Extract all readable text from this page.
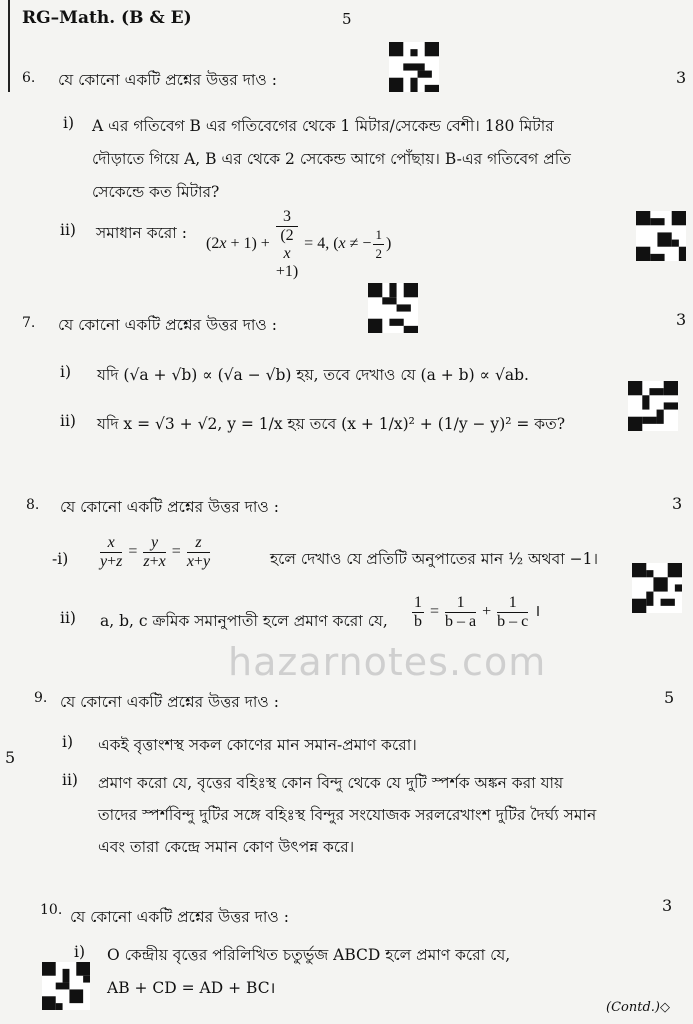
RG–Math. (B & E)	5
hazarnotes.com
6. যে কোনো একটি প্রশ্নের উত্তর দাও :	3
i) A এর গতিবেগ B এর গতিবেগের থেকে 1 মিটার/সেকেন্ড বেশী। 180 মিটার
দৌড়াতে গিয়ে A, B এর থেকে 2 সেকেন্ড আগে পোঁছায়। B-এর গতিবেগ প্রতি
সেকেন্ডে কত মিটার?
ii) সমাধান করো :
(2x + 1) + 3
(2
x
+1) = 4, (x ≠ − $\frac{1}{2}$ )
7. যে কোনো একটি প্রশ্নের উত্তর দাও :	3
i) যদি (√a + √b) ∝ (√a − √b) হয়, তবে দেখাও যে (a + b) ∝ √ab.
ii) যদি x = √3 + √2, y = 1/x হয় তবে (x + 1/x)² + (1/y − y)² = কত?
8. যে কোনো একটি প্রশ্নের উত্তর দাও :	3
$-i) \frac{x}{y+z} = \frac{y}{z+x} = \frac{z}{x+y}$	হলে দেখাও যে প্রতিটি অনুপাতের মান ½ অথবা −1।
ii) a, b, c ক্রমিক সমানুপাতী হলে প্রমাণ করো যে, $\frac{1}{b} = \frac{1}{b - a} + \frac{1}{b - c}$ ।
9. যে কোনো একটি প্রশ্নের উত্তর দাও :	5
5
i) একই বৃত্তাংশস্থ সকল কোণের মান সমান-প্রমাণ করো।
ii) প্রমাণ করো যে, বৃত্তের বহিঃস্থ কোন বিন্দু থেকে যে দুটি স্পর্শক অঙ্কন করা যায়
তাদের স্পর্শবিন্দু দুটির সঙ্গে বহিঃস্থ বিন্দুর সংযোজক সরলরেখাংশ দুটির দৈর্ঘ্য সমান
এবং তারা কেন্দ্রে সমান কোণ উৎপন্ন করে।
10. যে কোনো একটি প্রশ্নের উত্তর দাও :
3
i) O কেন্দ্রীয় বৃত্তের পরিলিখিত চতুর্ভুজ ABCD হলে প্রমাণ করো যে,
AB + CD = AD + BC।
(Contd.)◇
